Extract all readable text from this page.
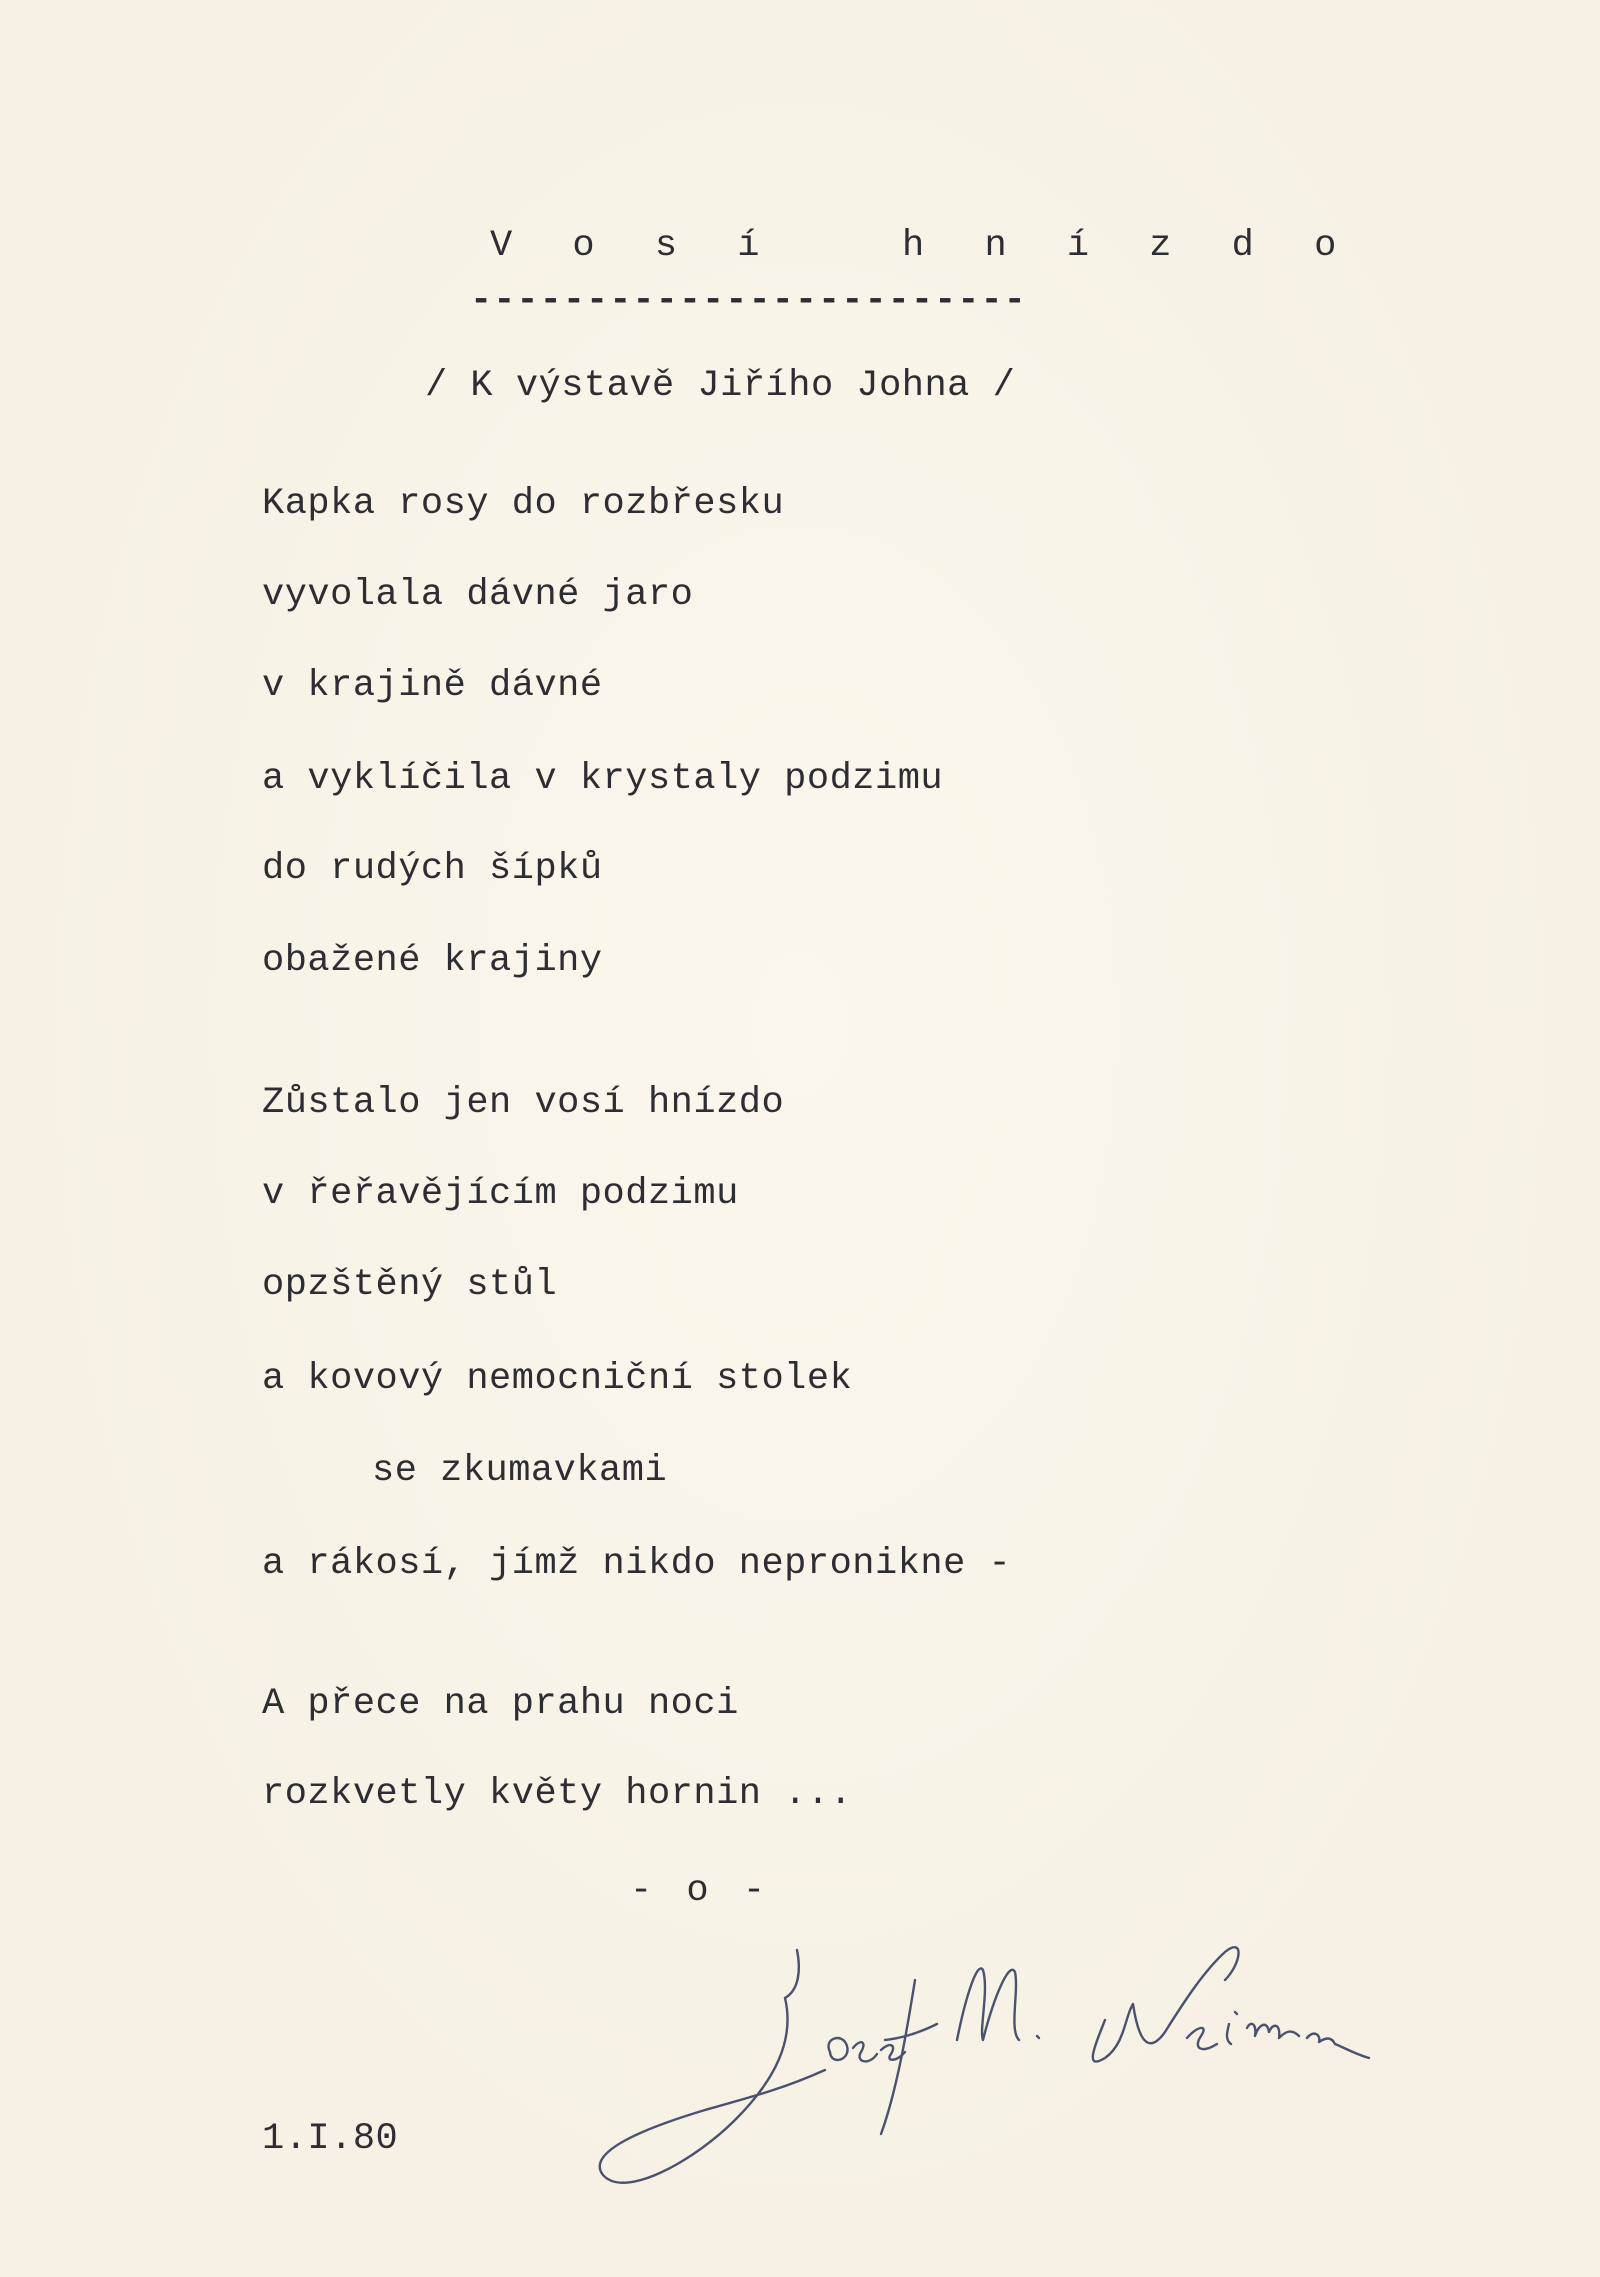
V o s í   h n í z d o
------------------------
/ K výstavě Jiřího Johna /
Kapka rosy do rozbřesku
vyvolala dávné jaro
v krajině dávné
a vyklíčila v krystaly podzimu
do rudých šípků
obažené krajiny
Zůstalo jen vosí hnízdo
v řeřavějícím podzimu
opzštěný stůl
a kovový nemocniční stolek
se zkumavkami
a rákosí, jímž nikdo nepronikne -
A přece na prahu noci
rozkvetly květy hornin ...
- o -
1.I.80
